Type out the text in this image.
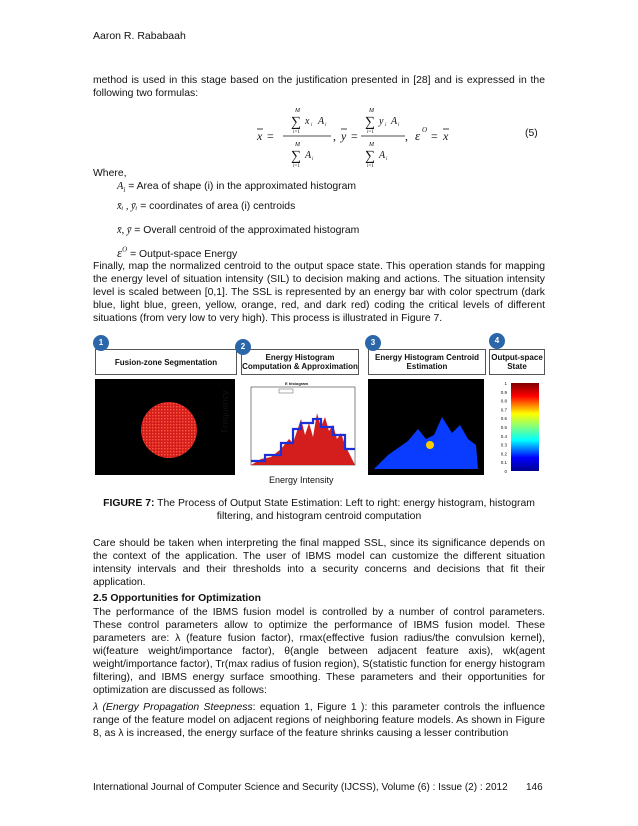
Aaron R. Rababaah
method is used in this stage based on the justification presented in [28] and is expressed in the following two formulas:
x =
M
∑
i=1
x i A i
M
∑
i=1
A i
, y =
M
∑
i=1
y i A i
M
∑
i=1
A i
, ε O = x	(5)
Where,
$A_i$ = Area of shape (i) in the approximated histogram
x̄ᵢ , ȳᵢ = coordinates of area (i) centroids
x̄, ȳ = Overall centroid of the approximated histogram
$\varepsilon^O$ = Output-space Energy
Finally, map the normalized centroid to the output space state. This operation stands for mapping the energy level of situation intensity (SIL) to decision making and actions. The situation intensity level is scaled between [0,1]. The SSL is represented by an energy bar with color spectrum (dark blue, light blue, green, yellow, orange, red, and dark red) coding the critical levels of different situations (from very low to very high). This process is illustrated in Figure 7.
Fusion-zone Segmentation	Energy Histogram Computation & Approximation
Energy Histogram Centroid Estimation
Output-space State
1	2	3	4
E histogram
Frequency
Energy Intensity
1
0.9
0.8
0.7
0.6
0.5
0.4
0.3
0.2
0.1
0
FIGURE 7: The Process of Output State Estimation: Left to right: energy histogram, histogram filtering, and histogram centroid computation
Care should be taken when interpreting the final mapped SSL, since its significance depends on the context of the application. The user of IBMS model can customize the different situation intensity intervals and their thresholds into a security concerns and decisions that fit their application.
2.5 Opportunities for Optimization
The performance of the IBMS fusion model is controlled by a number of control parameters. These control parameters allow to optimize the performance of IBMS fusion model. These parameters are: λ (feature fusion factor), rmax(effective fusion radius/the convulsion kernel), wi(feature weight/importance factor), θ(angle between adjacent feature axis), wk(agent weight/importance factor), Tr(max radius of fusion region), S(statistic function for energy histogram filtering), and IBMS energy surface smoothing. These parameters and their opportunities for optimization are discussed as follows:
λ (Energy Propagation Steepness: equation 1, Figure 1 ): this parameter controls the influence range of the feature model on adjacent regions of neighboring feature models. As shown in Figure 8, as λ is increased, the energy surface of the feature shrinks causing a lesser contribution
International Journal of Computer Science and Security (IJCSS), Volume (6) : Issue (2) : 2012 146
